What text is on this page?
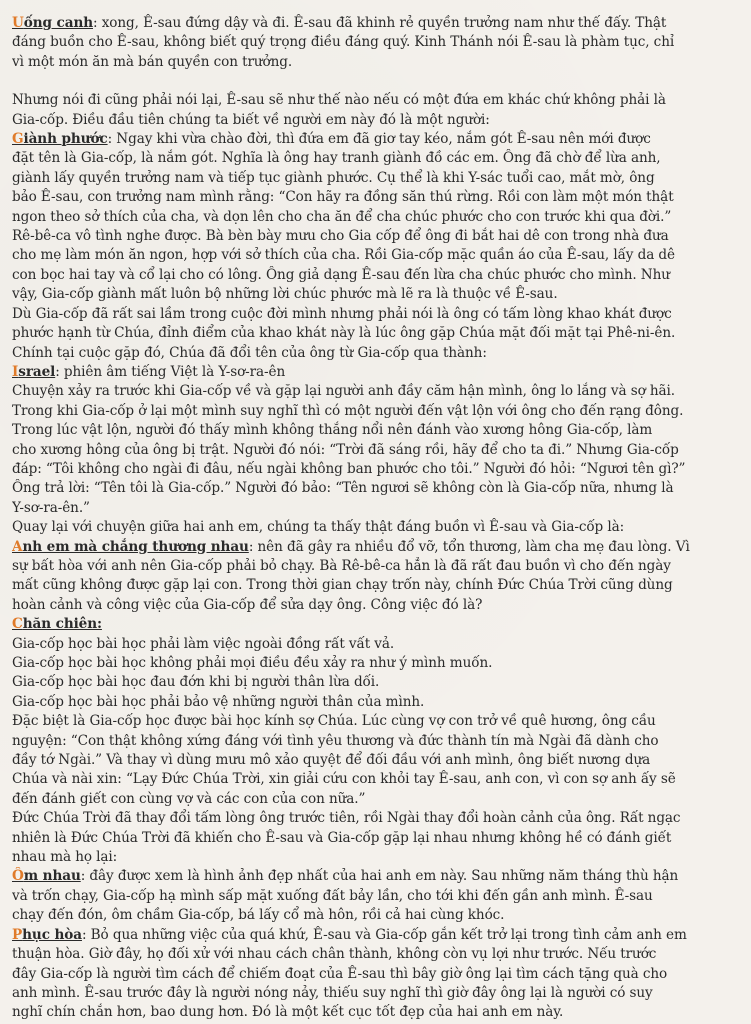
Uống canh: xong, Ê-sau đứng dậy và đi. Ê-sau đã khinh rẻ quyền trưởng nam như thế đấy. Thật
đáng buồn cho Ê-sau, không biết quý trọng điều đáng quý. Kinh Thánh nói Ê-sau là phàm tục, chỉ
vì một món ăn mà bán quyền con trưởng.
Nhưng nói đi cũng phải nói lại, Ê-sau sẽ như thế nào nếu có một đứa em khác chứ không phải là
Gia-cốp. Điều đầu tiên chúng ta biết về người em này đó là một người:
Giành phước: Ngay khi vừa chào đời, thì đứa em đã giơ tay kéo, nắm gót Ê-sau nên mới được
đặt tên là Gia-cốp, là nắm gót. Nghĩa là ông hay tranh giành đồ các em. Ông đã chờ để lừa anh,
giành lấy quyền trưởng nam và tiếp tục giành phước. Cụ thể là khi Y-sác tuổi cao, mắt mờ, ông
bảo Ê-sau, con trưởng nam mình rằng: “Con hãy ra đồng săn thú rừng. Rồi con làm một món thật
ngon theo sở thích của cha, và dọn lên cho cha ăn để cha chúc phước cho con trước khi qua đời.”
Rê-bê-ca vô tình nghe được. Bà bèn bày mưu cho Gia cốp để ông đi bắt hai dê con trong nhà đưa
cho mẹ làm món ăn ngon, hợp với sở thích của cha. Rồi Gia-cốp mặc quần áo của Ê-sau, lấy da dê
con bọc hai tay và cổ lại cho có lông. Ông giả dạng Ê-sau đến lừa cha chúc phước cho mình. Như
vậy, Gia-cốp giành mất luôn bộ những lời chúc phước mà lẽ ra là thuộc về Ê-sau.
Dù Gia-cốp đã rất sai lầm trong cuộc đời mình nhưng phải nói là ông có tấm lòng khao khát được
phước hạnh từ Chúa, đỉnh điểm của khao khát này là lúc ông gặp Chúa mặt đối mặt tại Phê-ni-ên.
Chính tại cuộc gặp đó, Chúa đã đổi tên của ông từ Gia-cốp qua thành:
Israel: phiên âm tiếng Việt là Y-sơ-ra-ên
Chuyện xảy ra trước khi Gia-cốp về và gặp lại người anh đầy căm hận mình, ông lo lắng và sợ hãi.
Trong khi Gia-cốp ở lại một mình suy nghĩ thì có một người đến vật lộn với ông cho đến rạng đông.
Trong lúc vật lộn, người đó thấy mình không thắng nổi nên đánh vào xương hông Gia-cốp, làm
cho xương hông của ông bị trật. Người đó nói: “Trời đã sáng rồi, hãy để cho ta đi.” Nhưng Gia-cốp
đáp: “Tôi không cho ngài đi đâu, nếu ngài không ban phước cho tôi.” Người đó hỏi: “Ngươi tên gì?”
Ông trả lời: “Tên tôi là Gia-cốp.” Người đó bảo: “Tên ngươi sẽ không còn là Gia-cốp nữa, nhưng là
Y-sơ-ra-ên.”
Quay lại với chuyện giữa hai anh em, chúng ta thấy thật đáng buồn vì Ê-sau và Gia-cốp là:
Anh em mà chẳng thương nhau: nên đã gây ra nhiều đổ vỡ, tổn thương, làm cha mẹ đau lòng. Vì
sự bất hòa với anh nên Gia-cốp phải bỏ chạy. Bà Rê-bê-ca hẳn là đã rất đau buồn vì cho đến ngày
mất cũng không được gặp lại con. Trong thời gian chạy trốn này, chính Đức Chúa Trời cũng dùng
hoàn cảnh và công việc của Gia-cốp để sửa dạy ông. Công việc đó là?
Chăn chiên:
Gia-cốp học bài học phải làm việc ngoài đồng rất vất vả.
Gia-cốp học bài học không phải mọi điều đều xảy ra như ý mình muốn.
Gia-cốp học bài học đau đớn khi bị người thân lừa dối.
Gia-cốp học bài học phải bảo vệ những người thân của mình.
Đặc biệt là Gia-cốp học được bài học kính sợ Chúa. Lúc cùng vợ con trở về quê hương, ông cầu
nguyện: “Con thật không xứng đáng với tình yêu thương và đức thành tín mà Ngài đã dành cho
đầy tớ Ngài.” Và thay vì dùng mưu mô xảo quyệt để đối đầu với anh mình, ông biết nương dựa
Chúa và nài xin: “Lạy Đức Chúa Trời, xin giải cứu con khỏi tay Ê-sau, anh con, vì con sợ anh ấy sẽ
đến đánh giết con cùng vợ và các con của con nữa.”
Đức Chúa Trời đã thay đổi tấm lòng ông trước tiên, rồi Ngài thay đổi hoàn cảnh của ông. Rất ngạc
nhiên là Đức Chúa Trời đã khiến cho Ê-sau và Gia-cốp gặp lại nhau nhưng không hề có đánh giết
nhau mà họ lại:
Ôm nhau: đây được xem là hình ảnh đẹp nhất của hai anh em này. Sau những năm tháng thù hận
và trốn chạy, Gia-cốp hạ mình sấp mặt xuống đất bảy lần, cho tới khi đến gần anh mình. Ê-sau
chạy đến đón, ôm chầm Gia-cốp, bá lấy cổ mà hôn, rồi cả hai cùng khóc.
Phục hòa: Bỏ qua những việc của quá khứ, Ê-sau và Gia-cốp gắn kết trở lại trong tình cảm anh em
thuận hòa. Giờ đây, họ đối xử với nhau cách chân thành, không còn vụ lợi như trước. Nếu trước
đây Gia-cốp là người tìm cách để chiếm đoạt của Ê-sau thì bây giờ ông lại tìm cách tặng quà cho
anh mình. Ê-sau trước đây là người nóng nảy, thiếu suy nghĩ thì giờ đây ông lại là người có suy
nghĩ chín chắn hơn, bao dung hơn. Đó là một kết cục tốt đẹp của hai anh em này.
